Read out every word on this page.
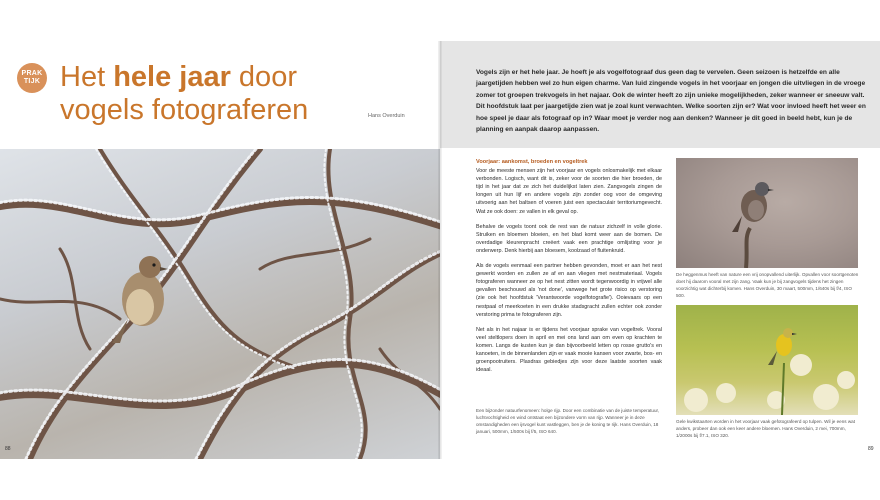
PRAK
TIJK Het hele jaar door
vogels fotograferen	Hans Overduin
88

Vogels zijn er het hele jaar. Je hoeft je als vogelfotograaf dus geen dag te vervelen. Geen seizoen is hetzelfde en alle jaargetijden hebben wel zo hun eigen charme. Van luid zingende vogels in het voorjaar en jongen die uitvliegen in de vroege zomer tot groepen trekvogels in het najaar. Ook de winter heeft zo zijn unieke mogelijkheden, zeker wanneer er sneeuw valt. Dit hoofdstuk laat per jaargetijde zien wat je zoal kunt verwachten. Welke soorten zijn er? Wat voor invloed heeft het weer en hoe speel je daar als fotograaf op in? Waar moet je verder nog aan denken? Wanneer je dit goed in beeld hebt, kun je de planning en aanpak daarop aanpassen.

Voorjaar: aankomst, broeden en vogeltrek

Voor de meeste mensen zijn het voorjaar en vogels onlosmakelijk met elkaar verbonden. Logisch, want dit is, zeker voor de soorten die hier broeden, de tijd in het jaar dat ze zich het duidelijkst laten zien. Zangvogels zingen de longen uit hun lijf en andere vogels zijn zonder oog voor de omgeving uitvoerig aan het baltsen of voeren juist een spectaculair territoriumgevecht. Wat ze ook doen: ze vallen in elk geval op.

Behalve de vogels toont ook de rest van de natuur zichzelf in volle glorie. Struiken en bloemen bloeien, en het blad komt weer aan de bomen. De overdadige kleurenpracht creëert vaak een prachtige omlijsting voor je onderwerp. Denk hierbij aan bloesem, koolzaad of fluitenkruid.

Als de vogels eenmaal een partner hebben gevonden, moet er aan het nest gewerkt worden en zullen ze af en aan vliegen met nestmateriaal. Vogels fotograferen wanneer ze op het nest zitten wordt tegenwoordig in vrijwel alle gevallen beschouwd als 'not done', vanwege het grote risico op verstoring (zie ook het hoofdstuk 'Verantwoorde vogelfotografie'). Ooievaars op een nestpaal of meerkoeten in een drukke stadsgracht zullen echter ook zonder verstoring prima te fotograferen zijn.

Net als in het najaar is er tijdens het voorjaar sprake van vogeltrek. Vooral veel steltlopers doen in april en mei ons land aan om even op krachten te komen. Langs de kusten kun je dan bijvoorbeeld letten op rosse grutto's en kanoeten, in de binnenlanden zijn er vaak mooie kansen voor zwarte, bos- en groenpootruiters. Plasdras gebiedjes zijn voor deze laatste soorten vaak ideaal.

Een bijzonder natuurfenomeen: holge rijp. Door een combinatie van de juiste temperatuur, luchtvochtigheid en wind ontstaat een bijzondere vorm van rijp. Wanneer je in deze omstandigheden een ijsvogel kunt vastleggen, ben je de koning te rijk. Hans Overduin, 18 januari, 500mm, 1/500s bij f/5, ISO 640.
De heggenmus heeft van nature een vrij onopvallend uiterlijk. Opvallen voor soortgenoten doet hij daarom vooral met zijn zang. Vaak kun je bij zangvogels tijdens het zingen voorzichtig wat dichterbij komen. Hans Overduin, 30 maart, 500mm, 1/640s bij f/4, ISO 500.
Gele kwikstaarten worden in het voorjaar vaak gefotografeerd op tulpen. Wil je eens wat anders, probeer dan ook een keer andere bloemen. Hans Overduin, 2 mei, 700mm, 1/2000s bij f/7.1, ISO 320.
89
